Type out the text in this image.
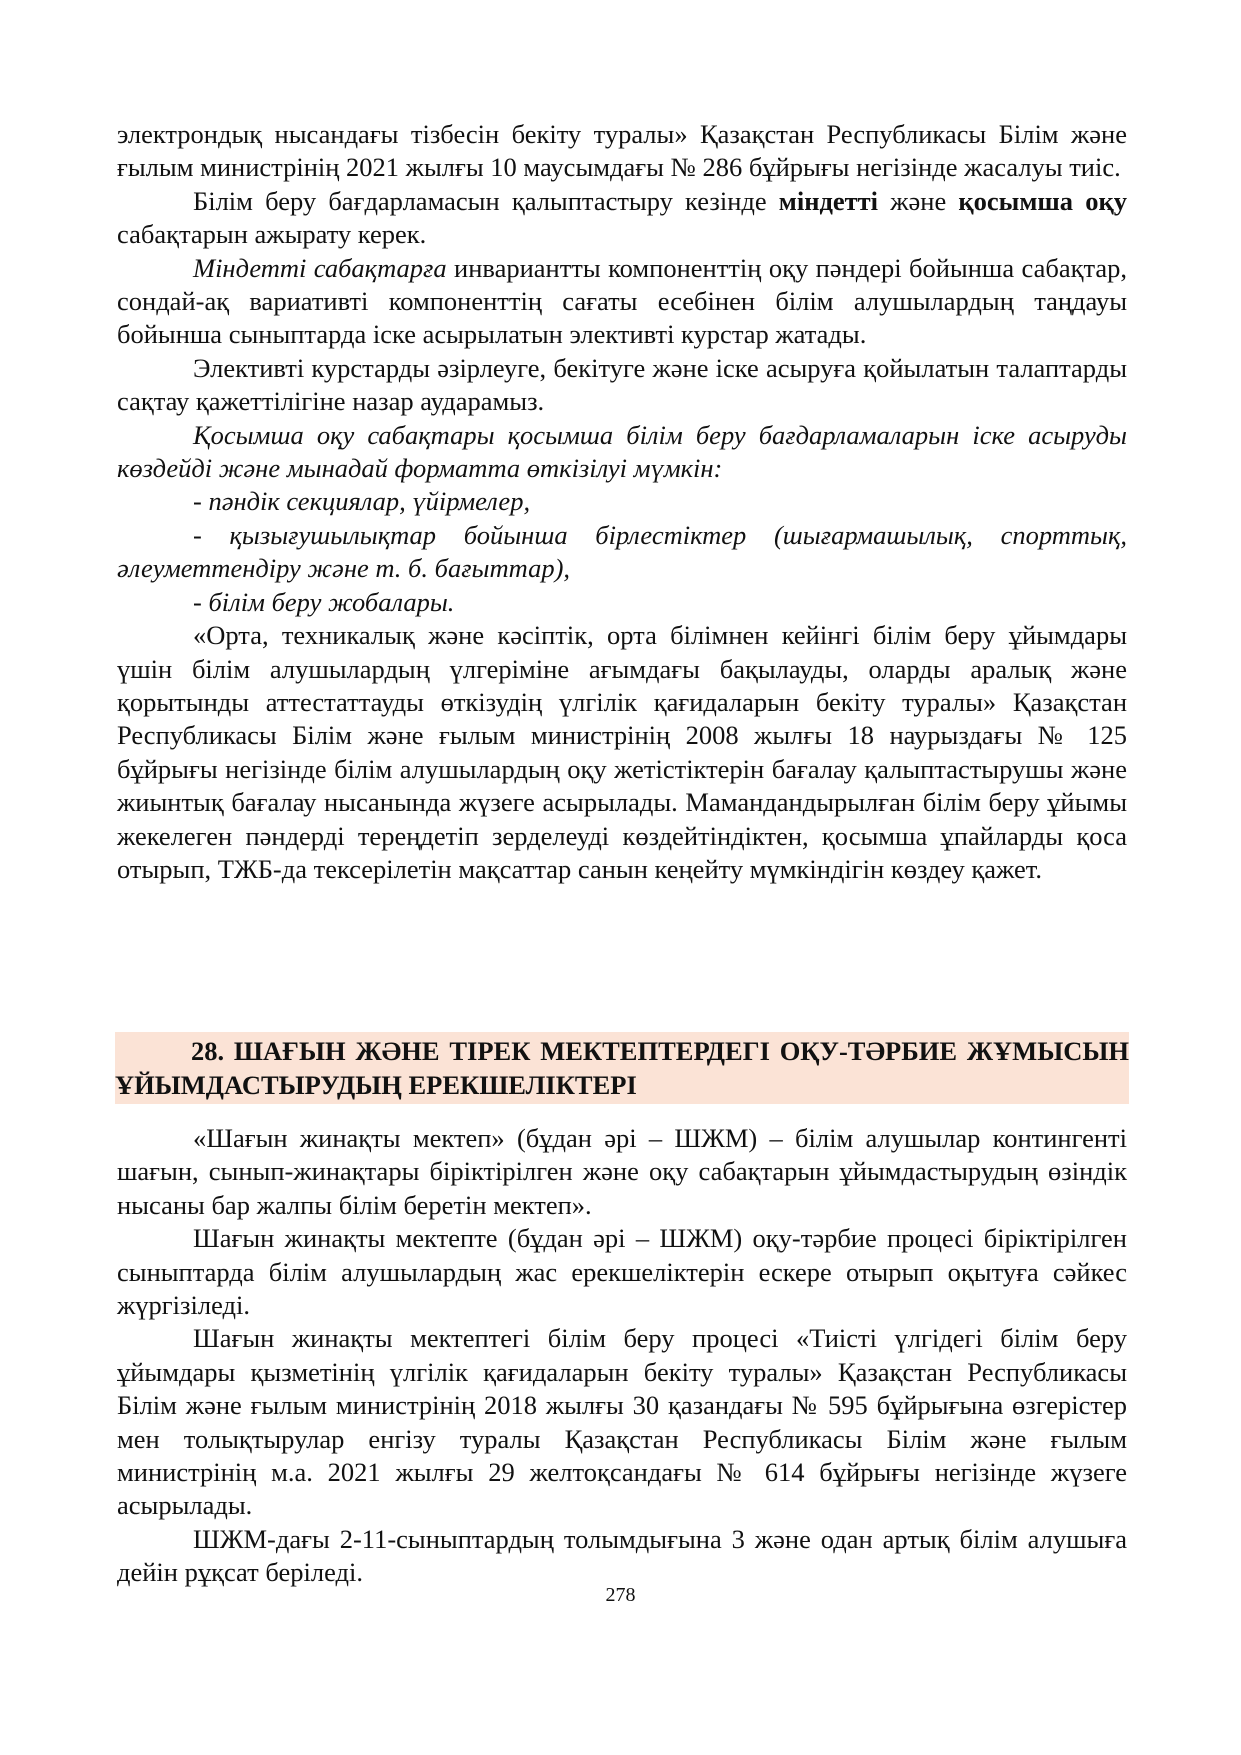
электрондық нысандағы тізбесін бекіту туралы» Қазақстан Республикасы Білім және ғылым министрінің 2021 жылғы 10 маусымдағы № 286 бұйрығы негізінде жасалуы тиіс.

Білім беру бағдарламасын қалыптастыру кезінде міндетті және қосымша оқу сабақтарын ажырату керек.

Міндетті сабақтарға инвариантты компоненттің оқу пәндері бойынша сабақтар, сондай-ақ вариативті компоненттің сағаты есебінен білім алушылардың таңдауы бойынша сыныптарда іске асырылатын элективті курстар жатады.

Элективті курстарды әзірлеуге, бекітуге және іске асыруға қойылатын талаптарды сақтау қажеттілігіне назар аударамыз.

Қосымша оқу сабақтары қосымша білім беру бағдарламаларын іске асыруды көздейді және мынадай форматта өткізілуі мүмкін:

- пәндік секциялар, үйірмелер,

- қызығушылықтар бойынша бірлестіктер (шығармашылық, спорттық, әлеуметтендіру және т. б. бағыттар),

- білім беру жобалары.

«Орта, техникалық және кәсіптік, орта білімнен кейінгі білім беру ұйымдары үшін білім алушылардың үлгеріміне ағымдағы бақылауды, оларды аралық және қорытынды аттестаттауды өткізудің үлгілік қағидаларын бекіту туралы» Қазақстан Республикасы Білім және ғылым министрінің 2008 жылғы 18 наурыздағы № 125 бұйрығы негізінде білім алушылардың оқу жетістіктерін бағалау қалыптастырушы және жиынтық бағалау нысанында жүзеге асырылады. Мамандандырылған білім беру ұйымы жекелеген пәндерді тереңдетіп зерделеуді көздейтіндіктен, қосымша ұпайларды қоса отырып, ТЖБ-да тексерілетін мақсаттар санын кеңейту мүмкіндігін көздеу қажет.

28. ШАҒЫН ЖӘНЕ ТІРЕК МЕКТЕПТЕРДЕГІ ОҚУ-ТӘРБИЕ ЖҰМЫСЫН ҰЙЫМДАСТЫРУДЫҢ ЕРЕКШЕЛІКТЕРІ

«Шағын жинақты мектеп» (бұдан әрі – ШЖМ) – білім алушылар контингенті шағын, сынып-жинақтары біріктірілген және оқу сабақтарын ұйымдастырудың өзіндік нысаны бар жалпы білім беретін мектеп».

Шағын жинақты мектепте (бұдан әрі – ШЖМ) оқу-тәрбие процесі біріктірілген сыныптарда білім алушылардың жас ерекшеліктерін ескере отырып оқытуға сәйкес жүргізіледі.

Шағын жинақты мектептегі білім беру процесі «Тиісті үлгідегі білім беру ұйымдары қызметінің үлгілік қағидаларын бекіту туралы» Қазақстан Республикасы Білім және ғылым министрінің 2018 жылғы 30 қазандағы № 595 бұйрығына өзгерістер мен толықтырулар енгізу туралы Қазақстан Республикасы Білім және ғылым министрінің м.а. 2021 жылғы 29 желтоқсандағы № 614 бұйрығы негізінде жүзеге асырылады.

ШЖМ-дағы 2-11-сыныптардың толымдығына 3 және одан артық білім алушыға дейін рұқсат беріледі.

278
